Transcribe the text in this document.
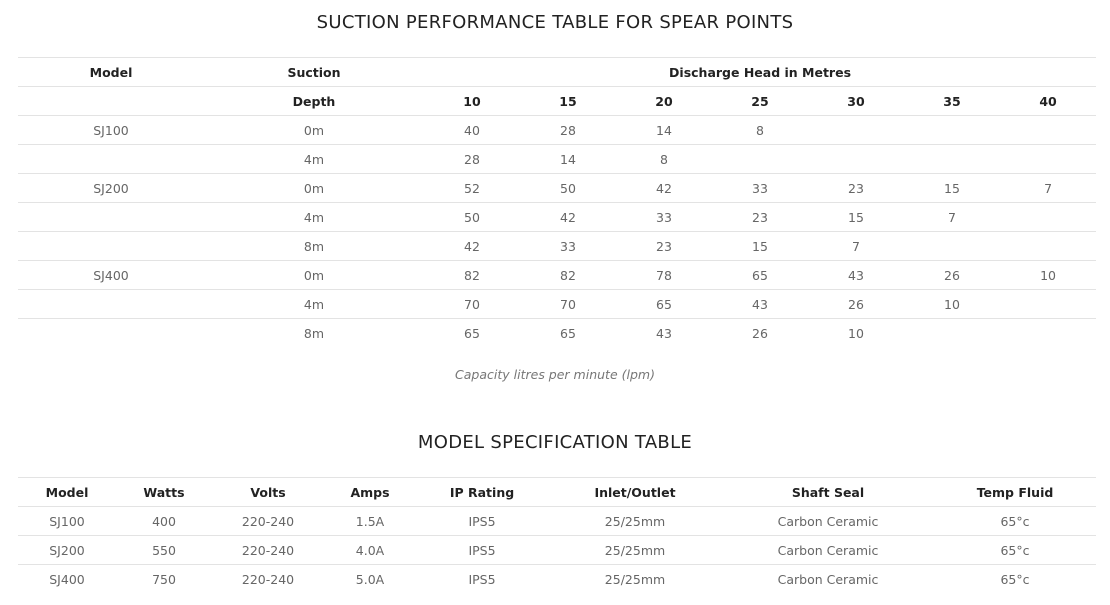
SUCTION PERFORMANCE TABLE FOR SPEAR POINTS
Model	Suction	Discharge Head in Metres						
	Depth	10	15	20	25	30	35	40
SJ100	0m	40	28	14	8			
	4m	28	14	8				
SJ200	0m	52	50	42	33	23	15	7
	4m	50	42	33	23	15	7	
	8m	42	33	23	15	7		
SJ400	0m	82	82	78	65	43	26	10
	4m	70	70	65	43	26	10	
	8m	65	65	43	26	10		
Capacity litres per minute (lpm)
MODEL SPECIFICATION TABLE
Model	Watts	Volts	Amps	IP Rating	Inlet/Outlet	Shaft Seal	Temp Fluid
SJ100	400	220-240	1.5A	IPS5	25/25mm	Carbon Ceramic	65°c
SJ200	550	220-240	4.0A	IPS5	25/25mm	Carbon Ceramic	65°c
SJ400	750	220-240	5.0A	IPS5	25/25mm	Carbon Ceramic	65°c
